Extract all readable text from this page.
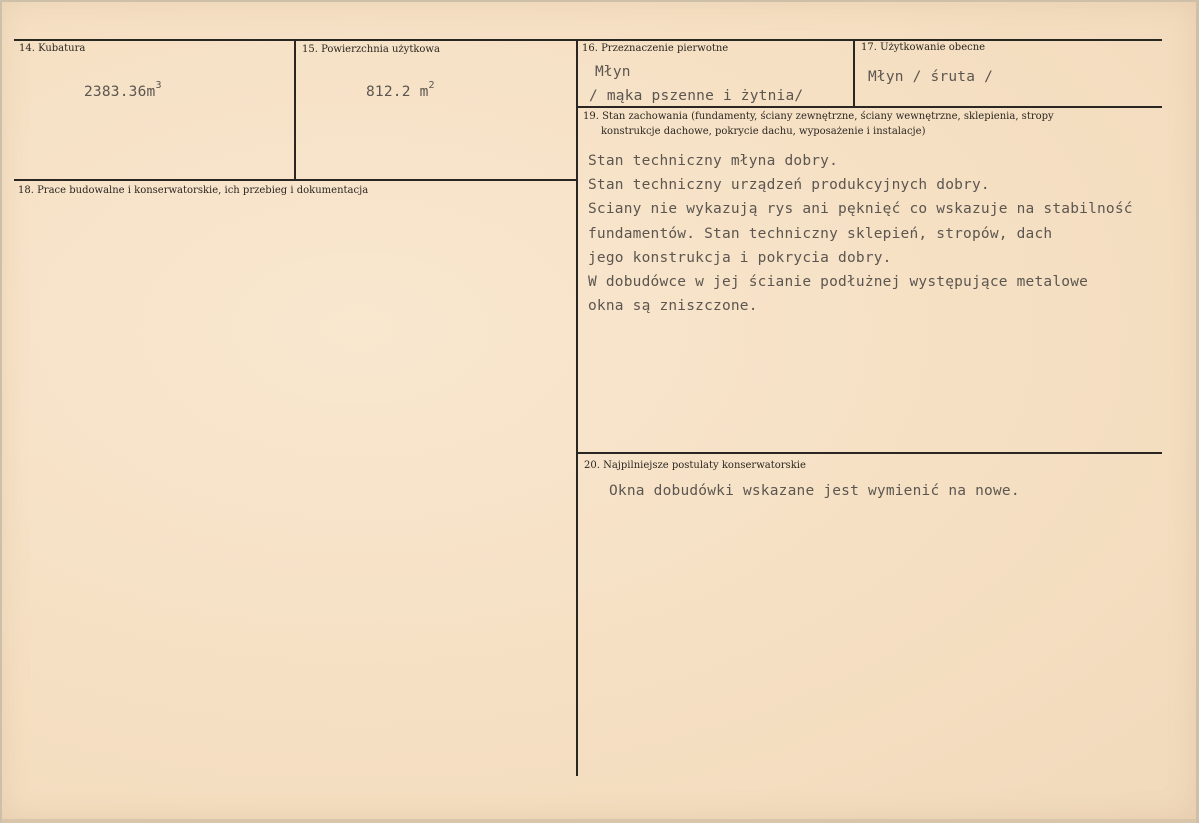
14. Kubatura
$2383.36m^3$
15. Powierzchnia użytkowa
812.2 $m^2$
16. Przeznaczenie pierwotne
Młyn
/ mąka pszenne i żytnia/
17. Użytkowanie obecne
Młyn / śruta /
18. Prace budowalne i konserwatorskie, ich przebieg i dokumentacja
19. Stan zachowania (fundamenty, ściany zewnętrzne, ściany wewnętrzne, sklepienia, stropy
konstrukcje dachowe, pokrycie dachu, wyposażenie i instalacje)
Stan techniczny młyna dobry.
Stan techniczny urządzeń produkcyjnych dobry.
Sciany nie wykazują rys ani pęknięć co wskazuje na stabilność
fundamentów. Stan techniczny sklepień, stropów, dach
jego konstrukcja i pokrycia dobry.
W dobudówce w jej ścianie podłużnej występujące metalowe
okna są zniszczone.
20. Najpilniejsze postulaty konserwatorskie
Okna dobudówki wskazane jest wymienić na nowe.
